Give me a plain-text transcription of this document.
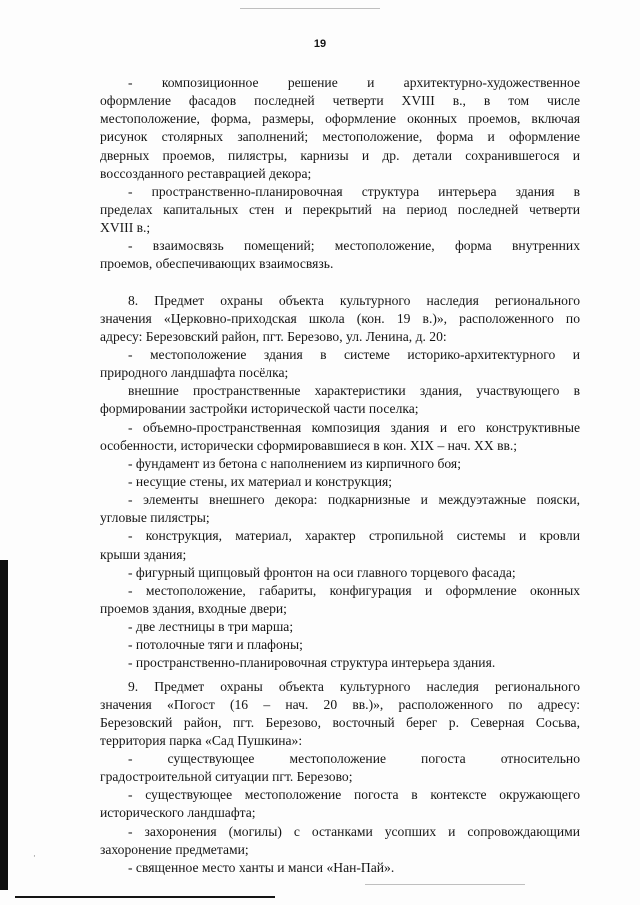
·
19
- композиционное решение и архитектурно-художественное
оформление фасадов последней четверти XVIII в., в том числе
местоположение, форма, размеры, оформление оконных проемов, включая
рисунок столярных заполнений; местоположение, форма и оформление
дверных проемов, пилястры, карнизы и др. детали сохранившегося и
воссозданного реставрацией декора;
- пространственно-планировочная структура интерьера здания в
пределах капитальных стен и перекрытий на период последней четверти
XVIII в.;
- взаимосвязь помещений; местоположение, форма внутренних
проемов, обеспечивающих взаимосвязь.
8. Предмет охраны объекта культурного наследия регионального
значения «Церковно-приходская школа (кон. 19 в.)», расположенного по
адресу: Березовский район, пгт. Березово, ул. Ленина, д. 20:
- местоположение здания в системе историко-архитектурного и
природного ландшафта посёлка;
внешние пространственные характеристики здания, участвующего в
формировании застройки исторической части поселка;
- объемно-пространственная композиция здания и его конструктивные
особенности, исторически сформировавшиеся в кон. XIX – нач. XX вв.;
- фундамент из бетона с наполнением из кирпичного боя;
- несущие стены, их материал и конструкция;
- элементы внешнего декора: подкарнизные и междуэтажные пояски,
угловые пилястры;
- конструкция, материал, характер стропильной системы и кровли
крыши здания;
- фигурный щипцовый фронтон на оси главного торцевого фасада;
- местоположение, габариты, конфигурация и оформление оконных
проемов здания, входные двери;
- две лестницы в три марша;
- потолочные тяги и плафоны;
- пространственно-планировочная структура интерьера здания.
9. Предмет охраны объекта культурного наследия регионального
значения «Погост (16 – нач. 20 вв.)», расположенного по адресу:
Березовский район, пгт. Березово, восточный берег р. Северная Сосьва,
территория парка «Сад Пушкина»:
- существующее местоположение погоста относительно
градостроительной ситуации пгт. Березово;
- существующее местоположение погоста в контексте окружающего
исторического ландшафта;
- захоронения (могилы) с останками усопших и сопровождающими
захоронение предметами;
- священное место ханты и манси «Нан-Пай».
